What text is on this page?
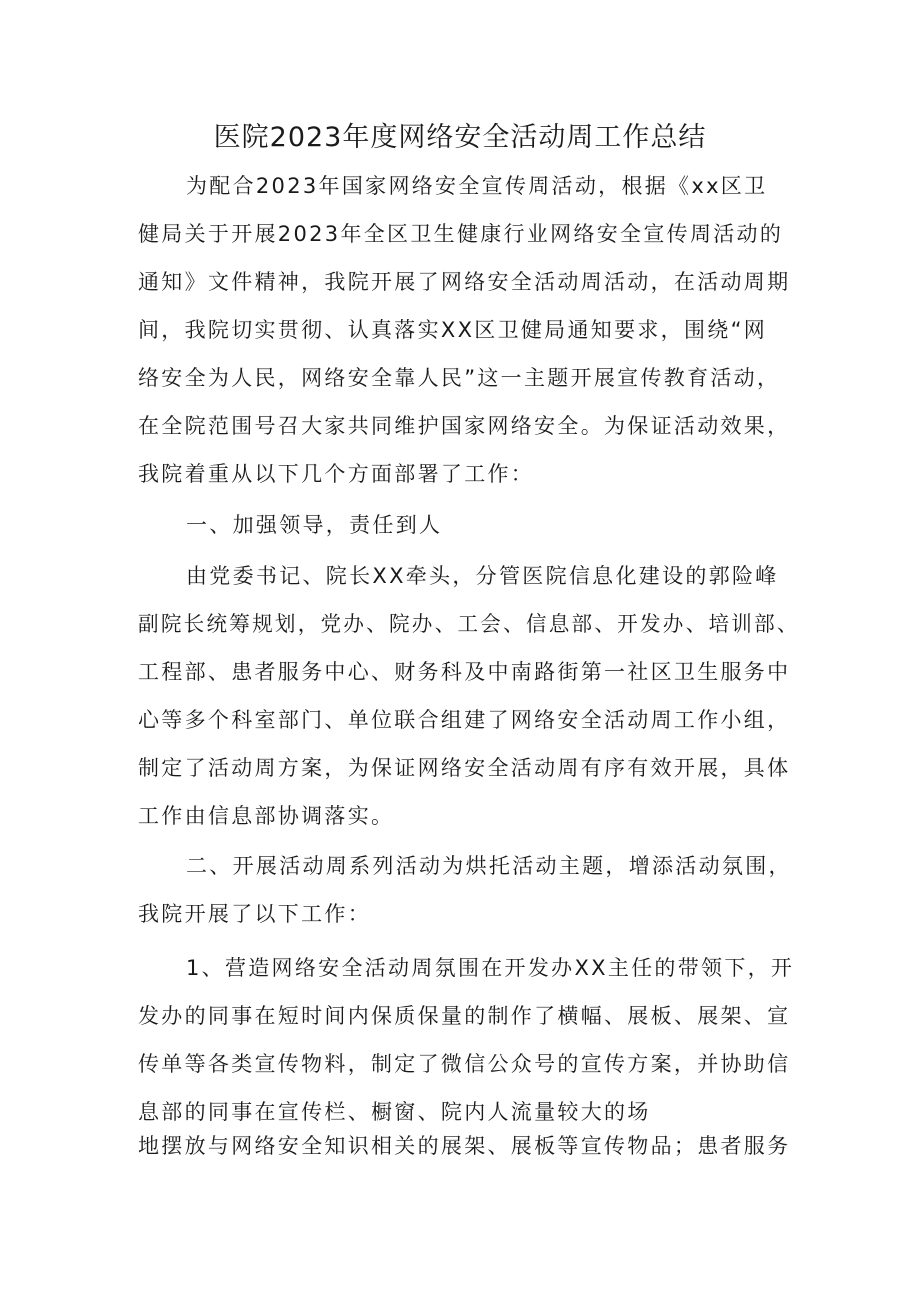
医院2023年度网络安全活动周工作总结
为配合2023年国家网络安全宣传周活动，根据《xx区卫
健局关于开展2023年全区卫生健康行业网络安全宣传周活动的
通知》文件精神，我院开展了网络安全活动周活动，在活动周期
间，我院切实贯彻、认真落实XX区卫健局通知要求，围绕“网
络安全为人民，网络安全靠人民”这一主题开展宣传教育活动，
在全院范围号召大家共同维护国家网络安全。为保证活动效果，
我院着重从以下几个方面部署了工作：
一、加强领导，责任到人
由党委书记、院长XX牵头，分管医院信息化建设的郭险峰
副院长统筹规划，党办、院办、工会、信息部、开发办、培训部、
工程部、患者服务中心、财务科及中南路街第一社区卫生服务中
心等多个科室部门、单位联合组建了网络安全活动周工作小组，
制定了活动周方案，为保证网络安全活动周有序有效开展，具体
工作由信息部协调落实。
二、开展活动周系列活动为烘托活动主题，增添活动氛围，
我院开展了以下工作：
1、营造网络安全活动周氛围在开发办XX主任的带领下，开
发办的同事在短时间内保质保量的制作了横幅、展板、展架、宣
传单等各类宣传物料，制定了微信公众号的宣传方案，并协助信
息部的同事在宣传栏、橱窗、院内人流量较大的场
地摆放与网络安全知识相关的展架、展板等宣传物品；患者服务
